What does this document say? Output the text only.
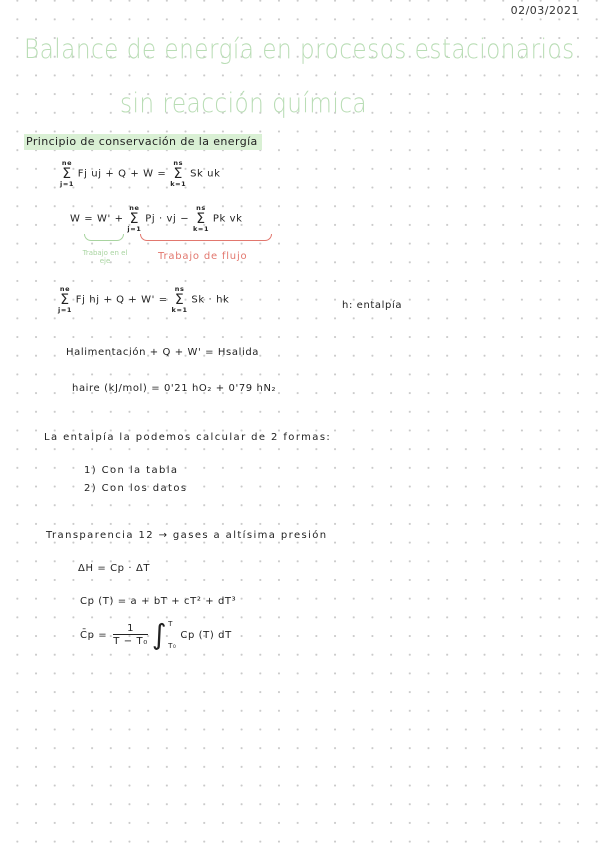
02/03/2021
Balance de energía en procesos estacionarios
sin reacción química
Principio de conservación de la energía
ne
Σ
j=1
Fj uj + Q + W =
ns
Σ
k=1
Sk uk
W = W' +
ne
Σ
j=1
Pj · vj −
ns
Σ
k=1
Pk vk
Trabajo en el eje	Trabajo de flujo
ne
Σ
j=1
Fj hj + Q + W' =
ns
Σ
k=1
Sk · hk	h: entalpía
Halimentación + Q + W' = Hsalida
haire (kJ/mol) = 0'21 hO₂ + 0'79 hN₂
La entalpía la podemos calcular de 2 formas:
1) Con la tabla
2) Con los datos
Transparencia 12 → gases a altísima presión
ΔH = Cp · ΔT
Cp (T) = a + bT + cT² + dT³
C̄p = $\frac{1}{\text{T − T₀}}$ ∫ T
T₀
Cp (T) dT
